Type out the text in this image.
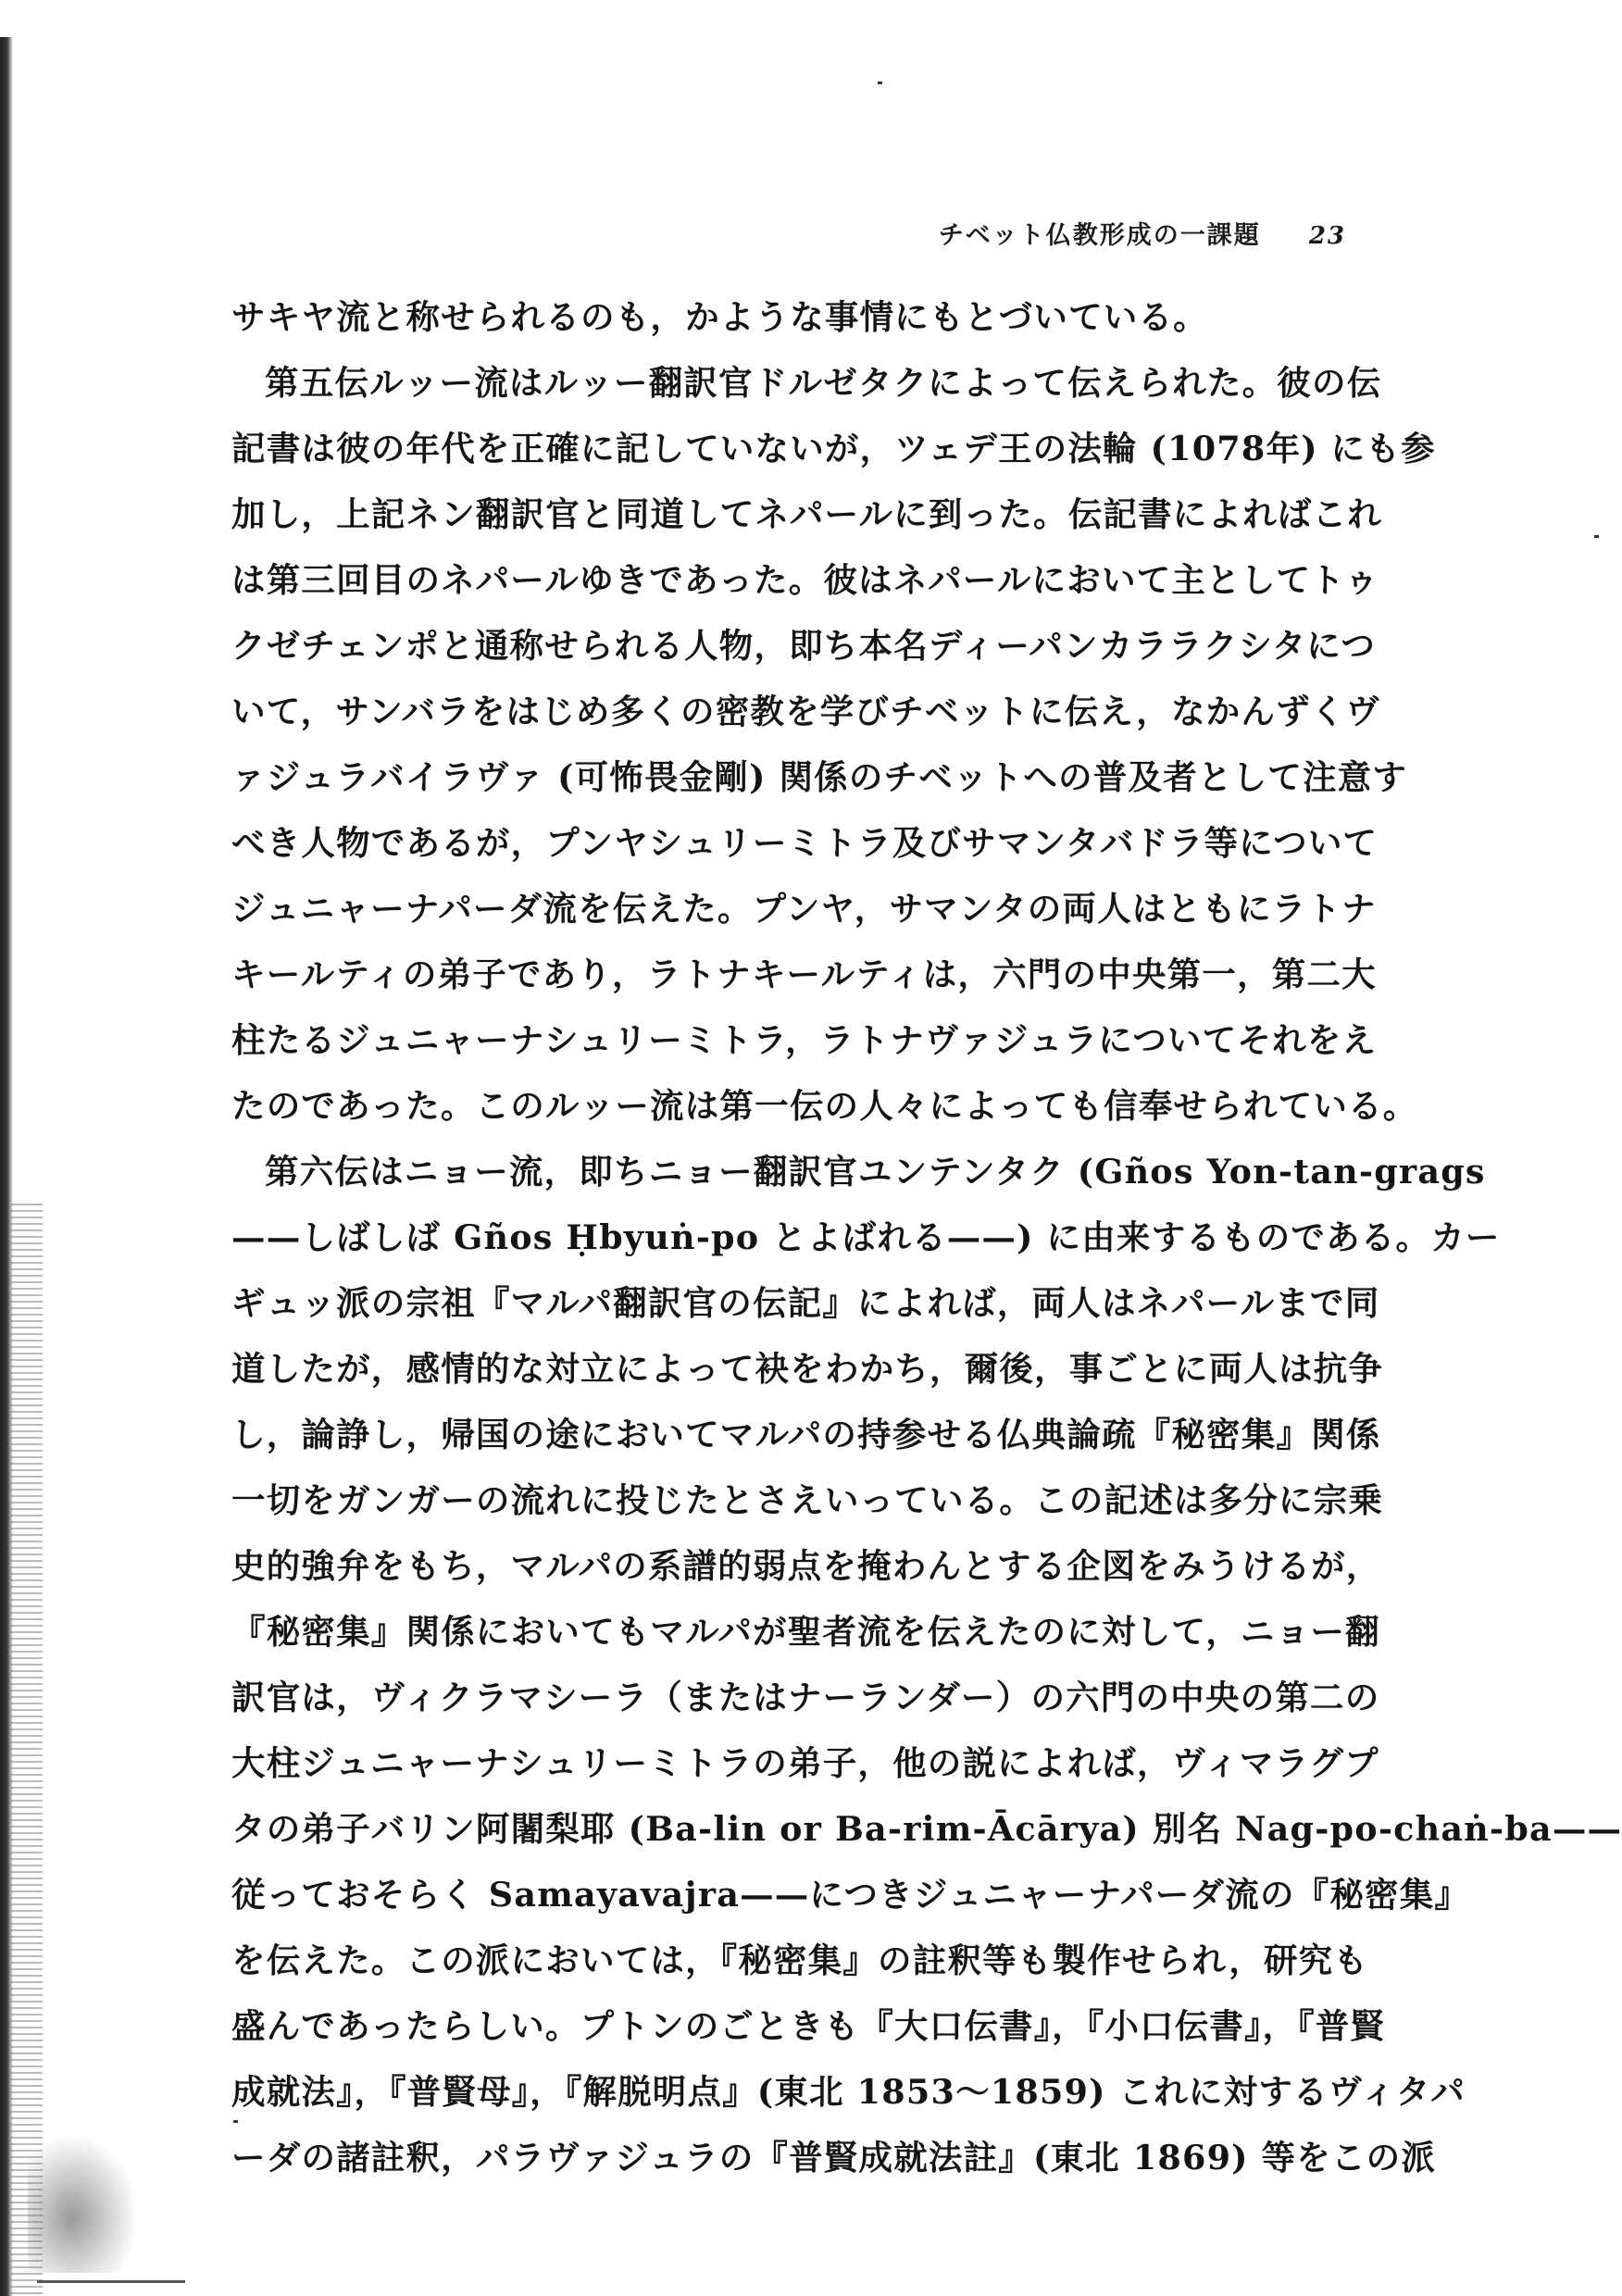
チベット仏教形成の一課題 23
サキヤ流と称せられるのも，かような事情にもとづいている。
第五伝ルッー流はルッー翻訳官ドルゼタクによって伝えられた。彼の伝
記書は彼の年代を正確に記していないが，ツェデ王の法輪 (1078年) にも参
加し，上記ネン翻訳官と同道してネパールに到った。伝記書によればこれ
は第三回目のネパールゆきであった。彼はネパールにおいて主としてトゥ
クゼチェンポと通称せられる人物，即ち本名ディーパンカララクシタにつ
いて，サンバラをはじめ多くの密教を学びチベットに伝え，なかんずくヴ
ァジュラバイラヴァ (可怖畏金剛) 関係のチベットへの普及者として注意す
べき人物であるが，プンヤシュリーミトラ及びサマンタバドラ等について
ジュニャーナパーダ流を伝えた。プンヤ，サマンタの両人はともにラトナ
キールティの弟子であり，ラトナキールティは，六門の中央第一，第二大
柱たるジュニャーナシュリーミトラ，ラトナヴァジュラについてそれをえ
たのであった。このルッー流は第一伝の人々によっても信奉せられている。
第六伝はニョー流，即ちニョー翻訳官ユンテンタク (Gños Yon-tan-grags
——しばしば Gños Ḥbyuṅ-po とよばれる——) に由来するものである。カー
ギュッ派の宗祖『マルパ翻訳官の伝記』によれば，両人はネパールまで同
道したが，感情的な対立によって袂をわかち，爾後，事ごとに両人は抗争
し，論諍し，帰国の途においてマルパの持参せる仏典論疏『秘密集』関係
一切をガンガーの流れに投じたとさえいっている。この記述は多分に宗乗
史的強弁をもち，マルパの系譜的弱点を掩わんとする企図をみうけるが，
『秘密集』関係においてもマルパが聖者流を伝えたのに対して，ニョー翻
訳官は，ヴィクラマシーラ（またはナーランダー）の六門の中央の第二の
大柱ジュニャーナシュリーミトラの弟子，他の説によれば，ヴィマラグプ
タの弟子バリン阿闍梨耶 (Ba-lin or Ba-rim-Ācārya) 別名 Nag-po-chaṅ-ba——
従っておそらく Samayavajra——につきジュニャーナパーダ流の『秘密集』
を伝えた。この派においては，『秘密集』の註釈等も製作せられ，研究も
盛んであったらしい。プトンのごときも『大口伝書』，『小口伝書』，『普賢
成就法』，『普賢母』，『解脱明点』(東北 1853～1859) これに対するヴィタパ
ーダの諸註釈，パラヴァジュラの『普賢成就法註』(東北 1869) 等をこの派
